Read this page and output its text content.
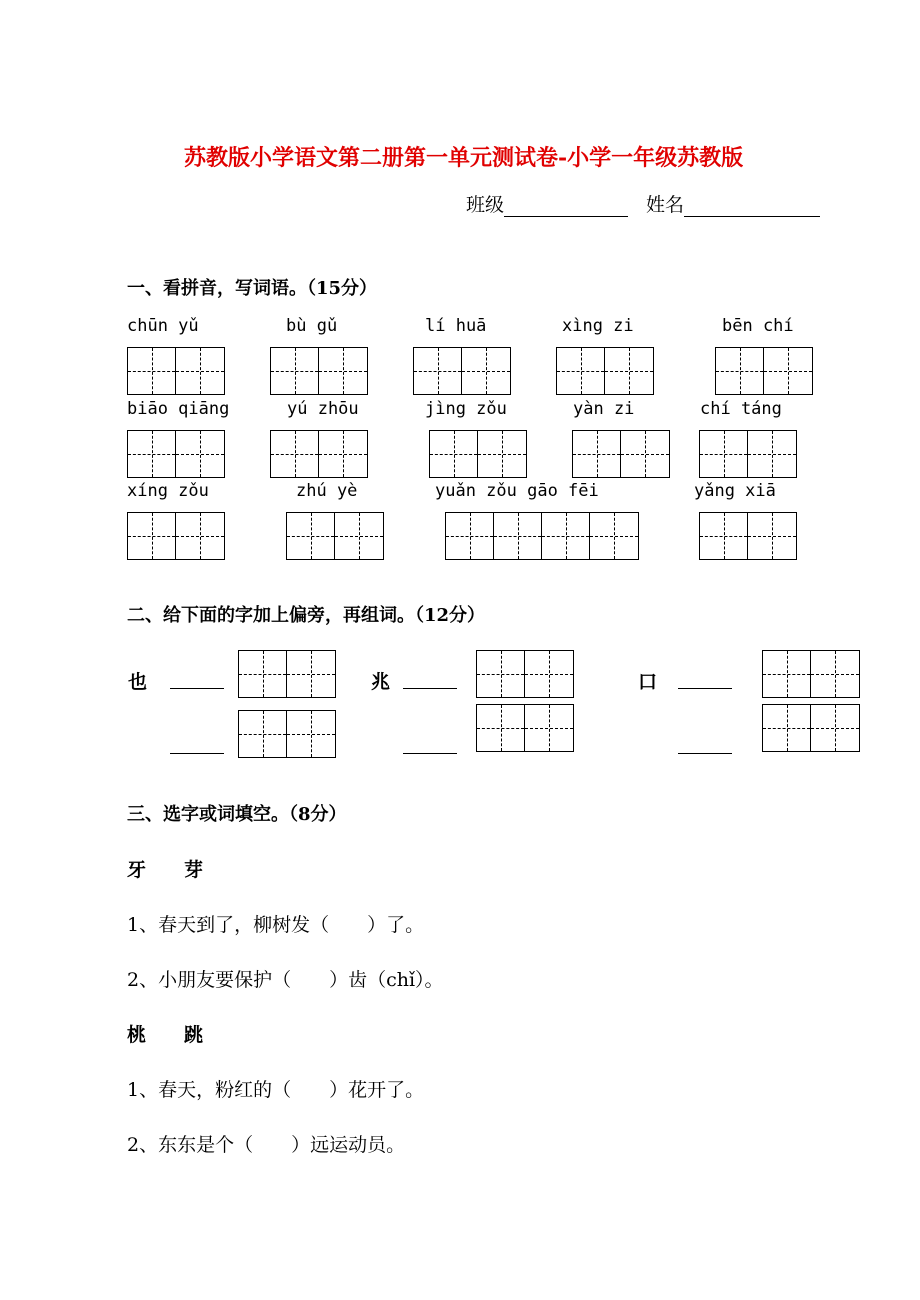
苏教版小学语文第二册第一单元测试卷-小学一年级苏教版
班级	姓名
一、看拼音，写词语。（15分）
chūn yǔ	bù gǔ	lí huā	xìng zi	bēn chí
biāo qiāng	yú zhōu	jìng zǒu	yàn zi	chí táng
xíng zǒu	zhú yè	yuǎn zǒu gāo fēi	yǎng xiā
二、给下面的字加上偏旁，再组词。（12分）
也	兆	口
三、选字或词填空。（8分）
牙　　芽
1、春天到了，柳树发（　　）了。
2、小朋友要保护（　　）齿（chǐ）。
桃　　跳
1、春天，粉红的（　　）花开了。
2、东东是个（　　）远运动员。
